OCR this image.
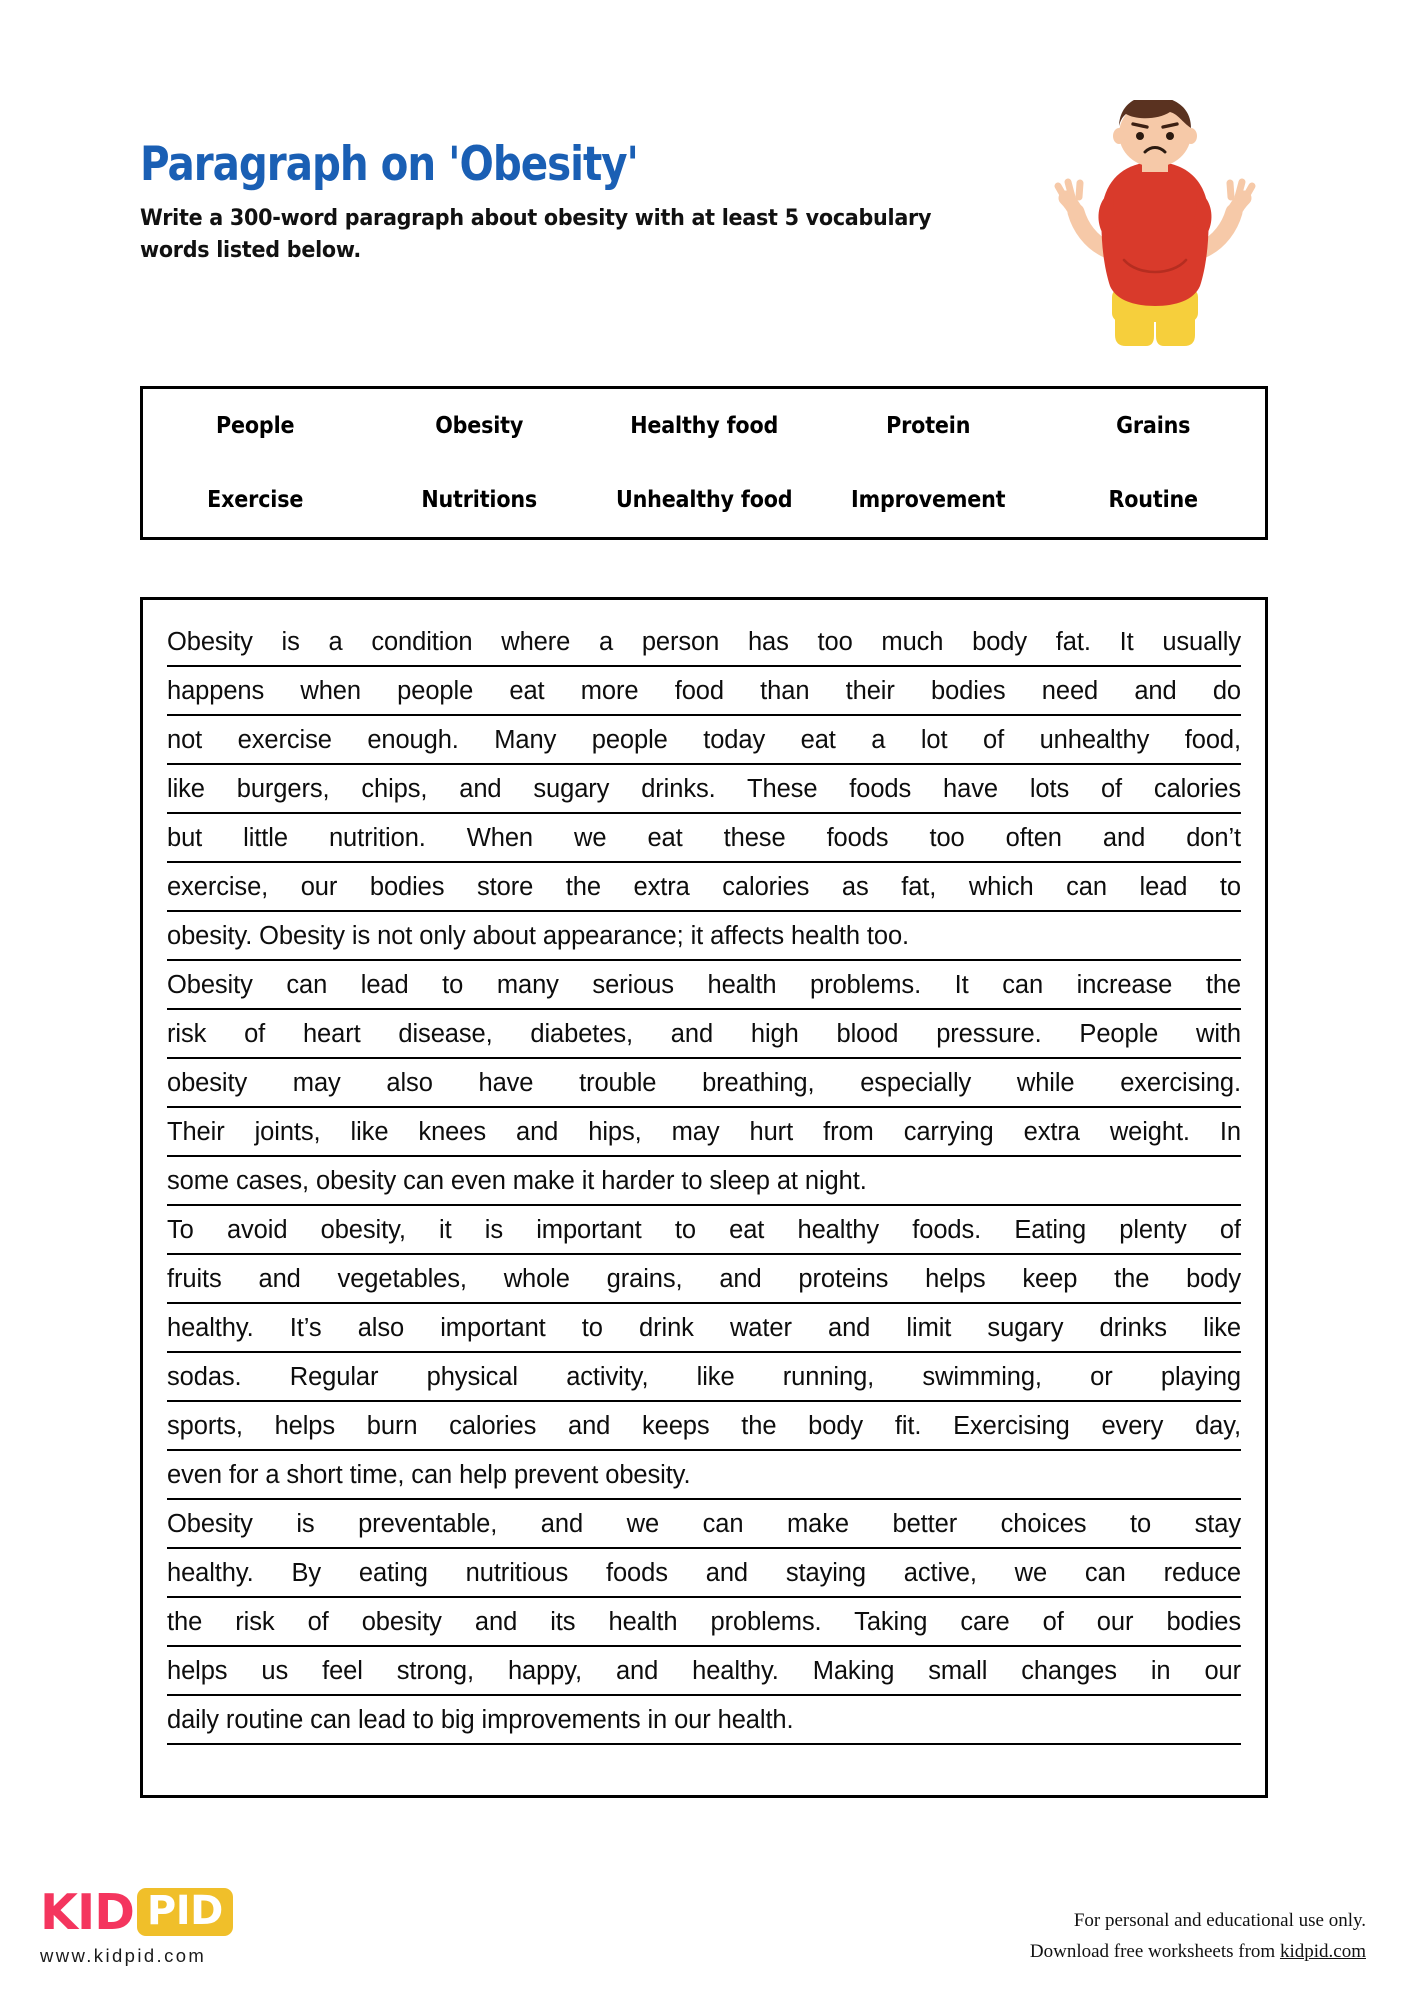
Paragraph on 'Obesity'

Write a 300-word paragraph about obesity with at least 5 vocabulary words listed below.

People	Obesity	Healthy food	Protein	Grains
Exercise	Nutritions	Unhealthy food	Improvement	Routine
Obesity is a condition where a person has too much body fat. It usually
happens when people eat more food than their bodies need and do
not exercise enough. Many people today eat a lot of unhealthy food,
like burgers, chips, and sugary drinks. These foods have lots of calories
but little nutrition. When we eat these foods too often and don’t
exercise, our bodies store the extra calories as fat, which can lead to
obesity. Obesity is not only about appearance; it affects health too.
Obesity can lead to many serious health problems. It can increase the
risk of heart disease, diabetes, and high blood pressure. People with
obesity may also have trouble breathing, especially while exercising.
Their joints, like knees and hips, may hurt from carrying extra weight. In
some cases, obesity can even make it harder to sleep at night.
To avoid obesity, it is important to eat healthy foods. Eating plenty of
fruits and vegetables, whole grains, and proteins helps keep the body
healthy. It’s also important to drink water and limit sugary drinks like
sodas. Regular physical activity, like running, swimming, or playing
sports, helps burn calories and keeps the body fit. Exercising every day,
even for a short time, can help prevent obesity.
Obesity is preventable, and we can make better choices to stay
healthy. By eating nutritious foods and staying active, we can reduce
the risk of obesity and its health problems. Taking care of our bodies
helps us feel strong, happy, and healthy. Making small changes in our
daily routine can lead to big improvements in our health.
KID PID
www.kidpid.com
For personal and educational use only.
Download free worksheets from kidpid.com
